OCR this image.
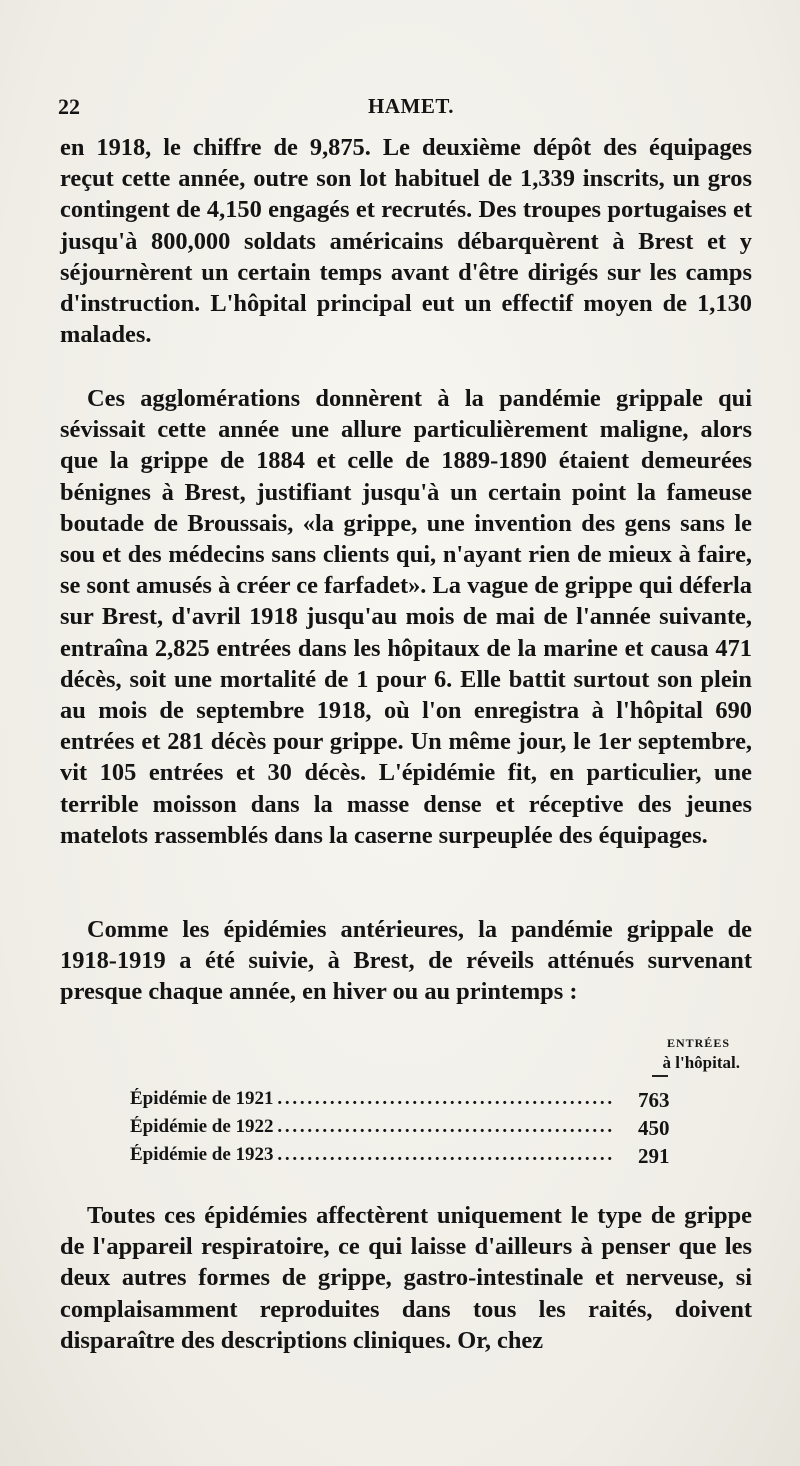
22	HAMET.

en 1918, le chiffre de 9,875. Le deuxième dépôt des équipages reçut cette année, outre son lot habituel de 1,339 inscrits, un gros contingent de 4,150 engagés et recrutés. Des troupes portugaises et jusqu'à 800,000 soldats américains débarquèrent à Brest et y séjournèrent un certain temps avant d'être dirigés sur les camps d'instruction. L'hôpital principal eut un effectif moyen de 1,130 malades.

Ces agglomérations donnèrent à la pandémie grippale qui sévissait cette année une allure particulièrement maligne, alors que la grippe de 1884 et celle de 1889-1890 étaient demeurées bénignes à Brest, justifiant jusqu'à un certain point la fameuse boutade de Broussais, «la grippe, une invention des gens sans le sou et des médecins sans clients qui, n'ayant rien de mieux à faire, se sont amusés à créer ce farfadet». La vague de grippe qui déferla sur Brest, d'avril 1918 jusqu'au mois de mai de l'année suivante, entraîna 2,825 entrées dans les hôpitaux de la marine et causa 471 décès, soit une mortalité de 1 pour 6. Elle battit surtout son plein au mois de septembre 1918, où l'on enregistra à l'hôpital 690 entrées et 281 décès pour grippe. Un même jour, le 1er septembre, vit 105 entrées et 30 décès. L'épidémie fit, en particulier, une terrible moisson dans la masse dense et réceptive des jeunes matelots rassemblés dans la caserne surpeuplée des équipages.

Comme les épidémies antérieures, la pandémie grippale de 1918-1919 a été suivie, à Brest, de réveils atténués survenant presque chaque année, en hiver ou au printemps :

ENTRÉES
à l'hôpital.
Épidémie de 1921 . . .	763
Épidémie de 1922 . . .	450
Épidémie de 1923 . . .	291

Toutes ces épidémies affectèrent uniquement le type de grippe de l'appareil respiratoire, ce qui laisse d'ailleurs à penser que les deux autres formes de grippe, gastro-intestinale et nerveuse, si complaisamment reproduites dans tous les raités, doivent disparaître des descriptions cliniques. Or, chez
